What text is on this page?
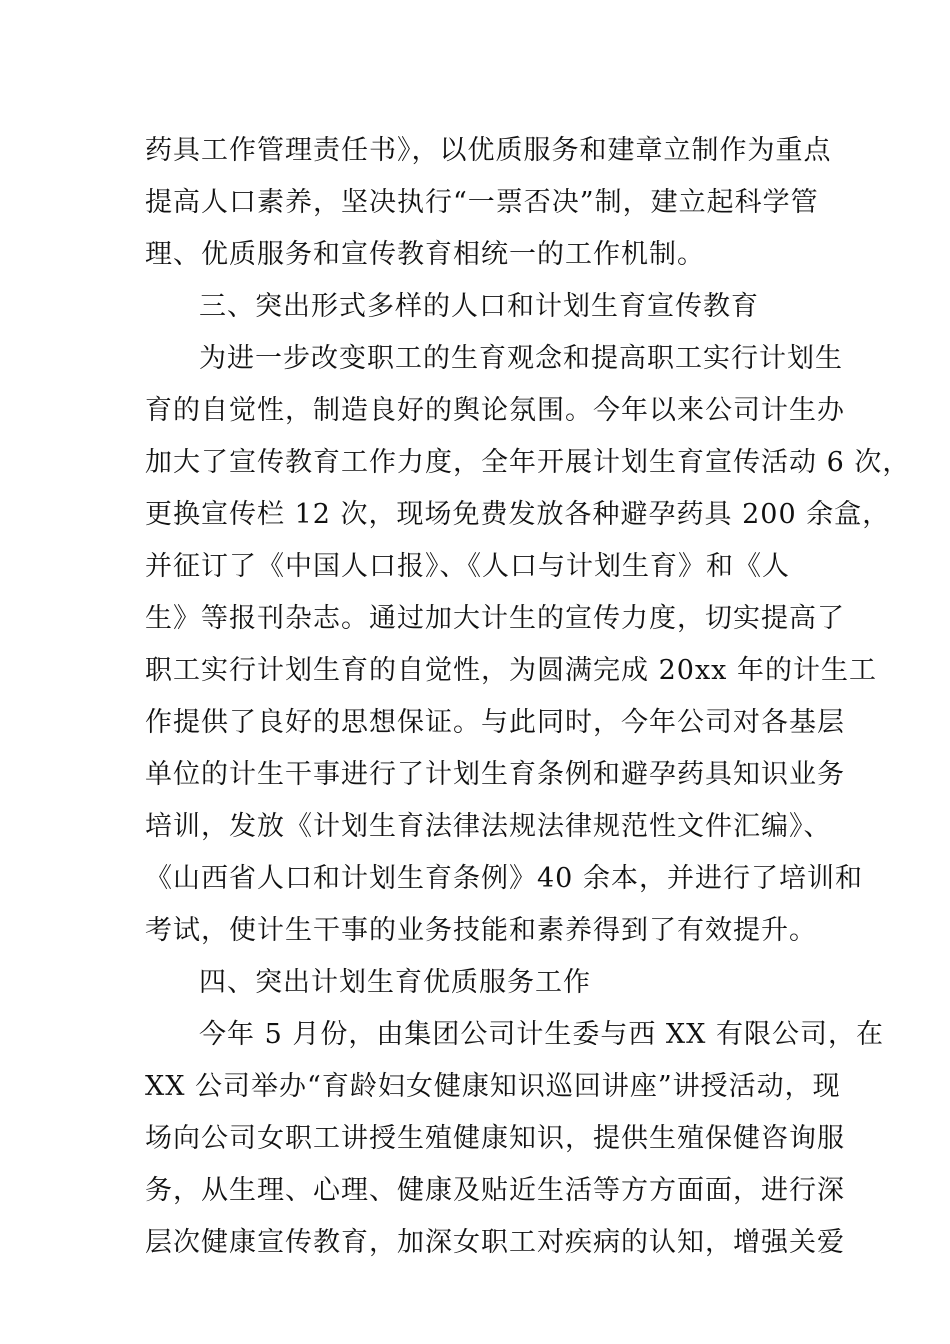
药具工作管理责任书》，以优质服务和建章立制作为重点
提高人口素养，坚决执行“一票否决”制，建立起科学管
理、优质服务和宣传教育相统一的工作机制。
三、突出形式多样的人口和计划生育宣传教育
为进一步改变职工的生育观念和提高职工实行计划生
育的自觉性，制造良好的舆论氛围。今年以来公司计生办
加大了宣传教育工作力度，全年开展计划生育宣传活动 6 次，
更换宣传栏 12 次，现场免费发放各种避孕药具 200 余盒，
并征订了《中国人口报》、《人口与计划生育》和《人
生》等报刊杂志。通过加大计生的宣传力度，切实提高了
职工实行计划生育的自觉性，为圆满完成 20xx 年的计生工
作提供了良好的思想保证。与此同时，今年公司对各基层
单位的计生干事进行了计划生育条例和避孕药具知识业务
培训，发放《计划生育法律法规法律规范性文件汇编》、
《山西省人口和计划生育条例》40 余本，并进行了培训和
考试，使计生干事的业务技能和素养得到了有效提升。
四、突出计划生育优质服务工作
今年 5 月份，由集团公司计生委与西 XX 有限公司，在
XX 公司举办“育龄妇女健康知识巡回讲座”讲授活动，现
场向公司女职工讲授生殖健康知识，提供生殖保健咨询服
务，从生理、心理、健康及贴近生活等方方面面，进行深
层次健康宣传教育，加深女职工对疾病的认知，增强关爱
